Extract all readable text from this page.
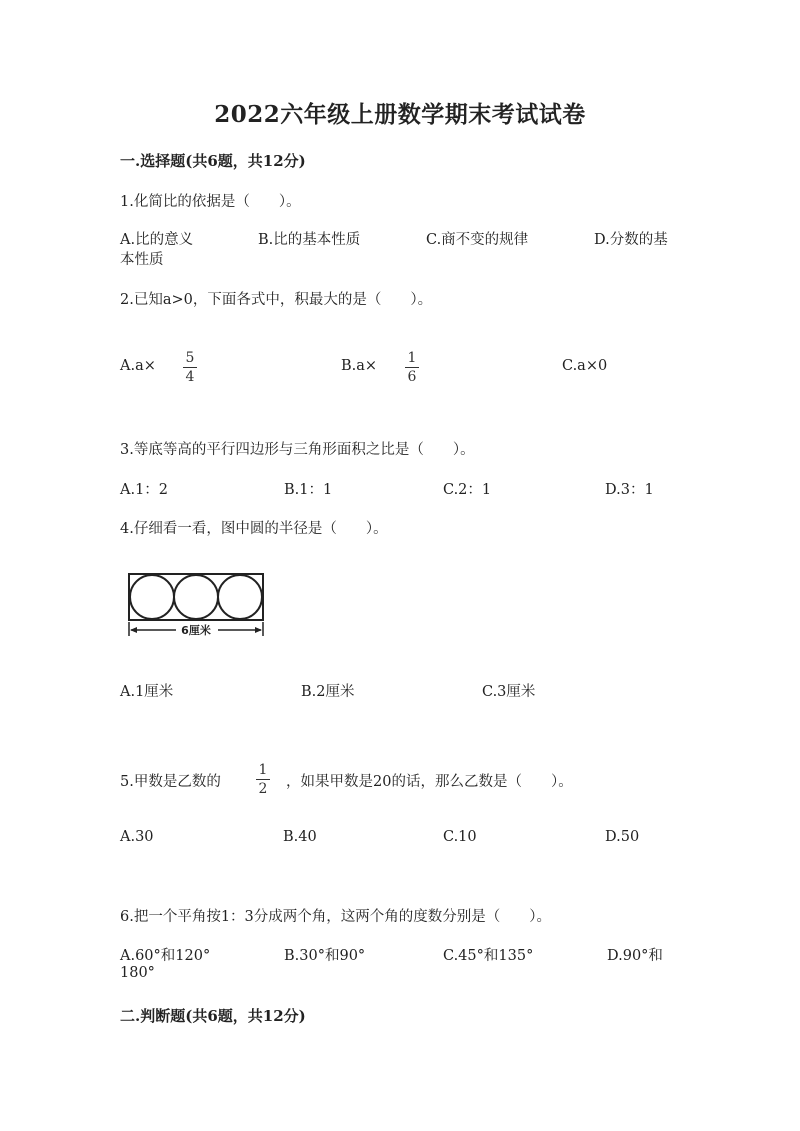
2022六年级上册数学期末考试试卷
一.选择题(共6题，共12分)
1.化简比的依据是（　　）。
A.比的意义	B.比的基本性质	C.商不变的规律	D.分数的基
本性质
2.已知a>0，下面各式中，积最大的是（　　）。
A.a× 5
4
B.a× 1
6
C.a×0
3.等底等高的平行四边形与三角形面积之比是（　　）。
A.1：2	B.1：1	C.2：1	D.3：1
4.仔细看一看，图中圆的半径是（　　）。
6厘米
A.1厘米	B.2厘米	C.3厘米
5.甲数是乙数的
1
2 ，如果甲数是20的话，那么乙数是（　　）。
A.30	B.40	C.10	D.50
6.把一个平角按1：3分成两个角，这两个角的度数分别是（　　）。
A.60°和120°	B.30°和90°	C.45°和135°	D.90°和
180°
二.判断题(共6题，共12分)
